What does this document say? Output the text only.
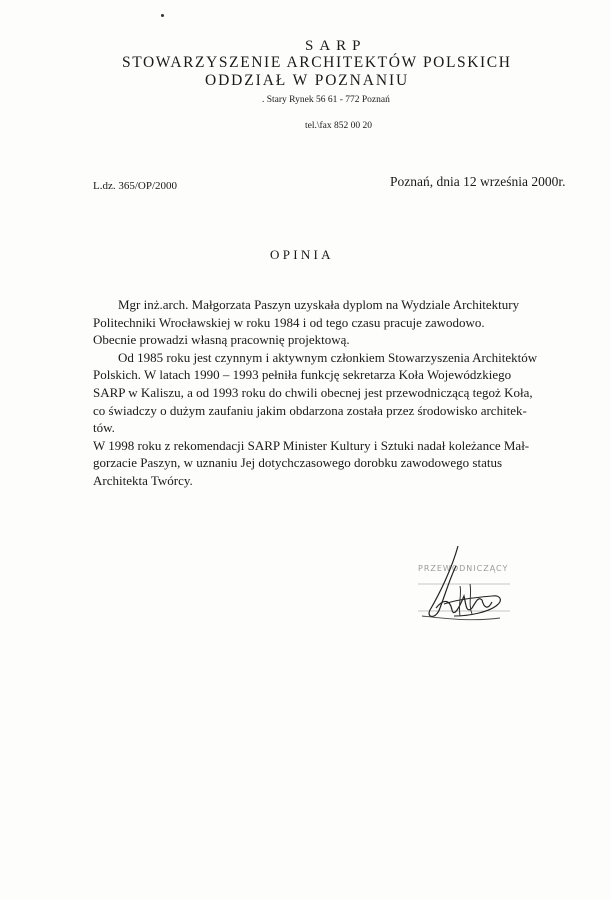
SARP
STOWARZYSZENIE ARCHITEKTÓW POLSKICH
ODDZIAŁ W POZNANIU
. Stary Rynek 56 61 - 772 Poznań
tel.\fax 852 00 20
L.dz. 365/OP/2000	Poznań, dnia 12 września 2000r.
OPINIA
Mgr inż.arch. Małgorzata Paszyn uzyskała dyplom na Wydziale Architektury
Politechniki Wrocławskiej w roku 1984 i od tego czasu pracuje zawodowo.
Obecnie prowadzi własną pracownię projektową.
Od 1985 roku jest czynnym i aktywnym członkiem Stowarzyszenia Architektów
Polskich. W latach 1990 – 1993 pełniła funkcję sekretarza Koła Wojewódzkiego
SARP w Kaliszu, a od 1993 roku do chwili obecnej jest przewodniczącą tegoż Koła,
co świadczy o dużym zaufaniu jakim obdarzona została przez środowisko architek-
tów.
W 1998 roku z rekomendacji SARP Minister Kultury i Sztuki nadał koleżance Mał-
gorzacie Paszyn, w uznaniu Jej dotychczasowego dorobku zawodowego status
Architekta Twórcy.
PRZEWODNICZĄCY
